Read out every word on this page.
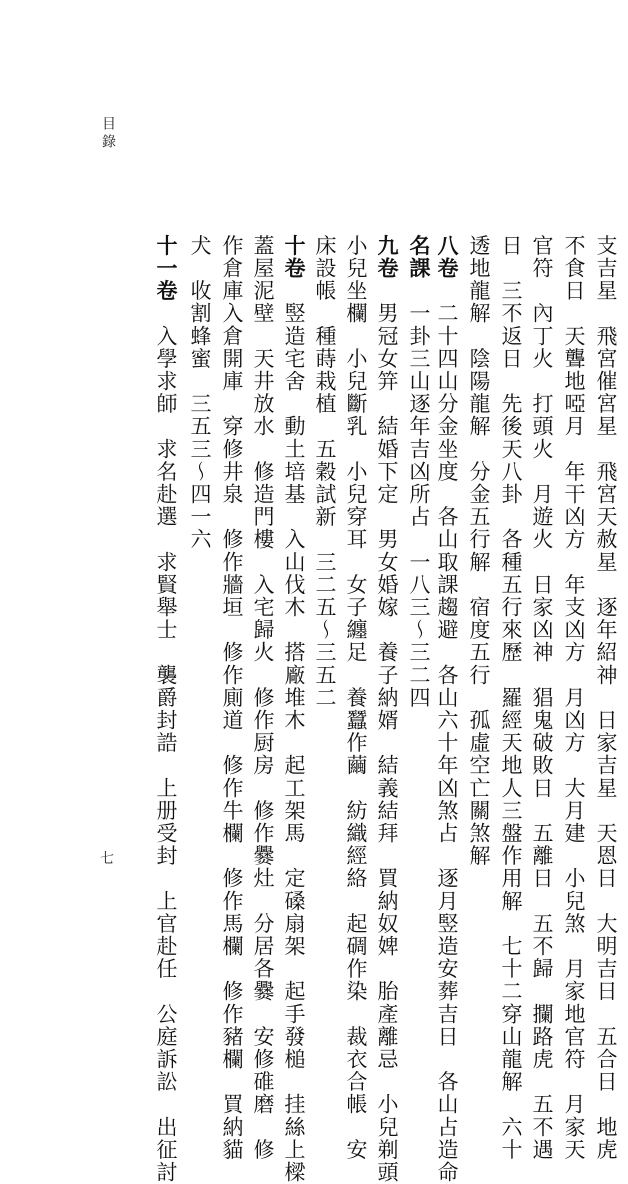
支吉星　飛宮催宮星　飛宮天赦星　逐年紹神　日家吉星　天恩日　大明吉日　五合日　地虎

不食日　天聾地啞月　年干凶方　年支凶方　月凶方　大月建　小兒煞　月家地官符　月家天

官符　內丁火　打頭火　月遊火　日家凶神　猖鬼破敗日　五離日　五不歸　攔路虎　五不遇

日　三不返日　先後天八卦　各種五行來歷　羅經天地人三盤作用解　七十二穿山龍解　六十

透地龍解　陰陽龍解　分金五行解　宿度五行　孤虛空亡關煞解

八卷　二十四山分金坐度　各山取課趨避　各山六十年凶煞占　逐月竪造安葬吉日　各山占造命

名課　一卦三山逐年吉凶所占　一八三～三二四

九卷　男冠女笄　結婚下定　男女婚嫁　養子納婿　結義結拜　買納奴婢　胎產離忌　小兒剃頭

小兒坐欄　小兒斷乳　小兒穿耳　女子纏足　養蠶作繭　紡織經絡　起碉作染　裁衣合帳　安

床設帳　種蒔栽植　五穀試新　三二五～三五二

十卷　竪造宅舍　動土培基　入山伐木　搭廠堆木　起工架馬　定磉扇架　起手發槌　挂絲上樑

蓋屋泥壁　天井放水　修造門樓　入宅歸火　修作厨房　修作爨灶　分居各爨　安修碓磨　修

作倉庫入倉開庫　穿修井泉　修作牆垣　修作廁道　修作牛欄　修作馬欄　修作豬欄　買納貓

犬　收割蜂蜜　三五三～四一六

十一卷　入學求師　求名赴選　求賢舉士　襲爵封誥　上册受封　上官赴任　公庭訴訟　出征討

目錄
七
